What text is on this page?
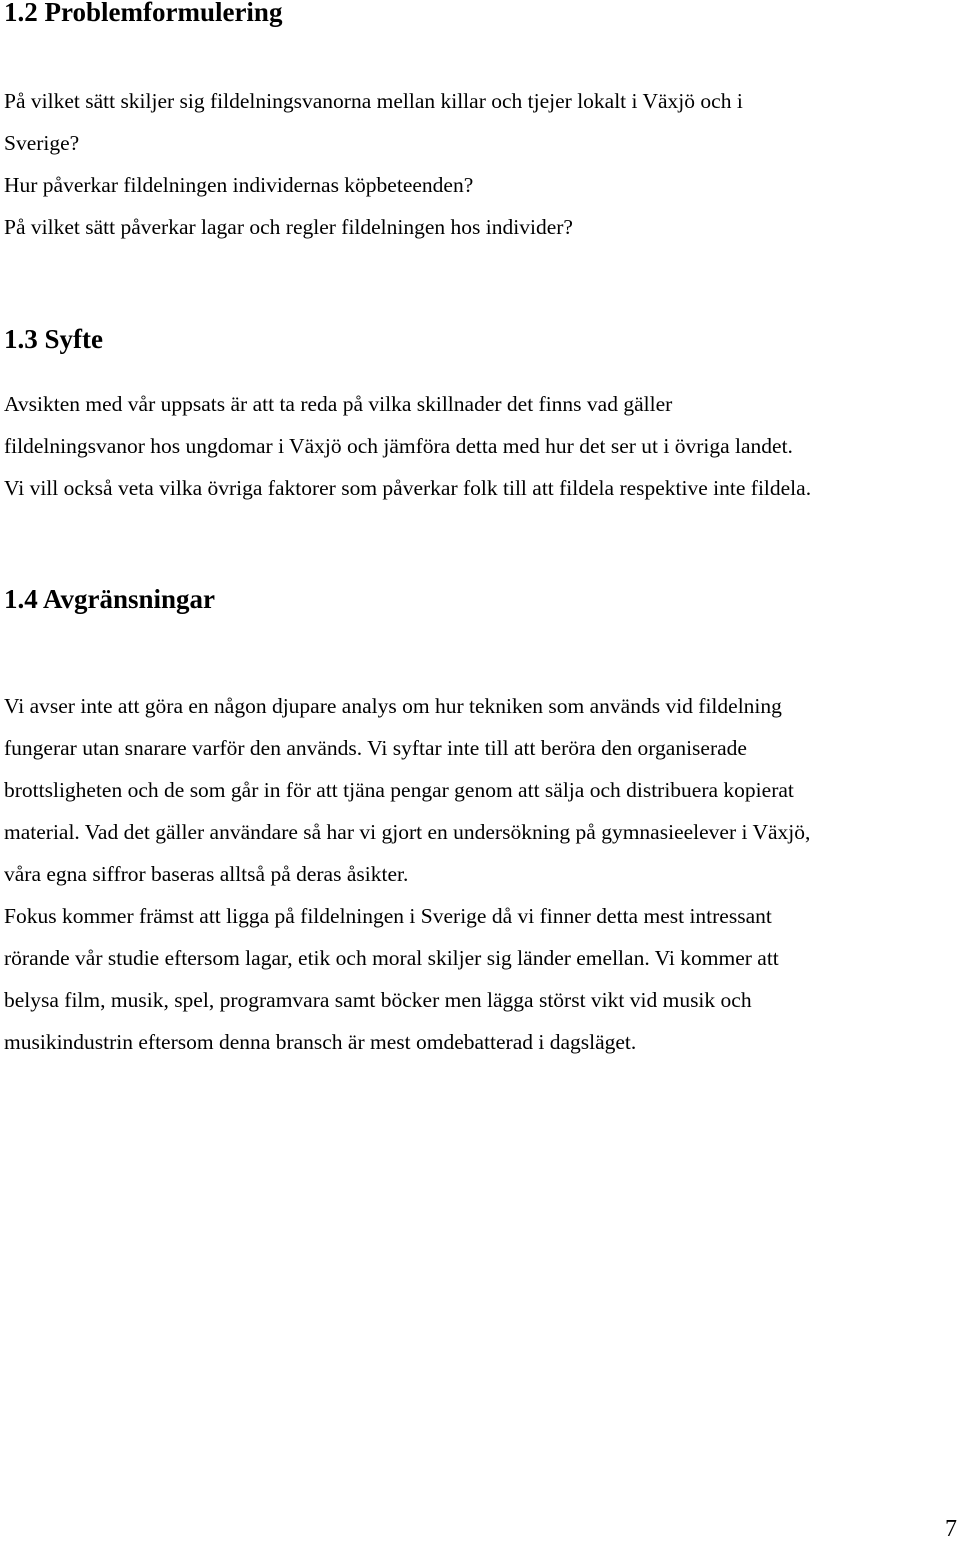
1.2 Problemformulering

På vilket sätt skiljer sig fildelningsvanorna mellan killar och tjejer lokalt i Växjö och i

Sverige?

Hur påverkar fildelningen individernas köpbeteenden?

På vilket sätt påverkar lagar och regler fildelningen hos individer?

1.3 Syfte

Avsikten med vår uppsats är att ta reda på vilka skillnader det finns vad gäller

fildelningsvanor hos ungdomar i Växjö och jämföra detta med hur det ser ut i övriga landet.

Vi vill också veta vilka övriga faktorer som påverkar folk till att fildela respektive inte fildela.

1.4 Avgränsningar

Vi avser inte att göra en någon djupare analys om hur tekniken som används vid fildelning

fungerar utan snarare varför den används. Vi syftar inte till att beröra den organiserade

brottsligheten och de som går in för att tjäna pengar genom att sälja och distribuera kopierat

material. Vad det gäller användare så har vi gjort en undersökning på gymnasieelever i Växjö,

våra egna siffror baseras alltså på deras åsikter.

Fokus kommer främst att ligga på fildelningen i Sverige då vi finner detta mest intressant

rörande vår studie eftersom lagar, etik och moral skiljer sig länder emellan. Vi kommer att

belysa film, musik, spel, programvara samt böcker men lägga störst vikt vid musik och

musikindustrin eftersom denna bransch är mest omdebatterad i dagsläget.

7
